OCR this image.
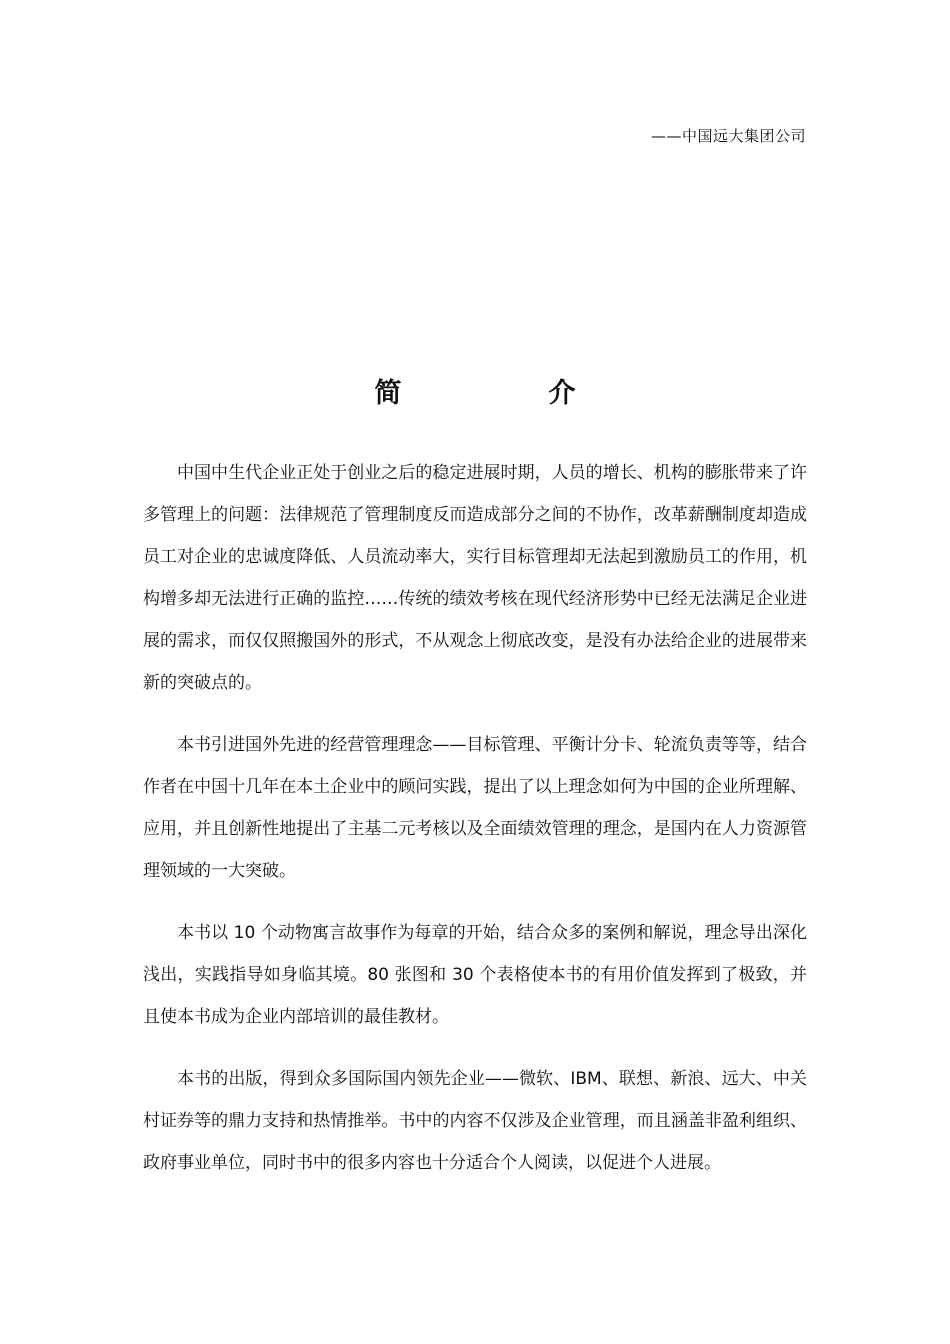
——中国远大集团公司
简　介

中国中生代企业正处于创业之后的稳定进展时期，人员的增长、机构的膨胀带来了许多管理上的问题：法律规范了管理制度反而造成部分之间的不协作，改革薪酬制度却造成员工对企业的忠诚度降低、人员流动率大，实行目标管理却无法起到激励员工的作用，机构增多却无法进行正确的监控……传统的绩效考核在现代经济形势中已经无法满足企业进展的需求，而仅仅照搬国外的形式，不从观念上彻底改变，是没有办法给企业的进展带来新的突破点的。

本书引进国外先进的经营管理理念——目标管理、平衡计分卡、轮流负责等等，结合作者在中国十几年在本土企业中的顾问实践，提出了以上理念如何为中国的企业所理解、应用，并且创新性地提出了主基二元考核以及全面绩效管理的理念，是国内在人力资源管理领域的一大突破。

本书以 10 个动物寓言故事作为每章的开始，结合众多的案例和解说，理念导出深化浅出，实践指导如身临其境。80 张图和 30 个表格使本书的有用价值发挥到了极致，并且使本书成为企业内部培训的最佳教材。

本书的出版，得到众多国际国内领先企业——微软、IBM、联想、新浪、远大、中关村证券等的鼎力支持和热情推举。书中的内容不仅涉及企业管理，而且涵盖非盈利组织、政府事业单位，同时书中的很多内容也十分适合个人阅读，以促进个人进展。
